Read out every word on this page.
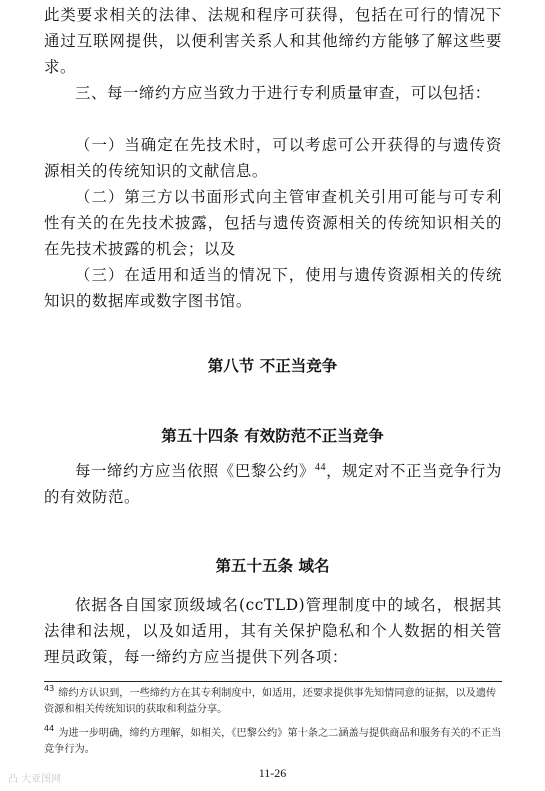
此类要求相关的法律、法规和程序可获得，包括在可行的情况下通过互联网提供，以便利害关系人和其他缔约方能够了解这些要求。

三、每一缔约方应当致力于进行专利质量审查，可以包括：

（一）当确定在先技术时，可以考虑可公开获得的与遗传资源相关的传统知识的文献信息。

（二）第三方以书面形式向主管审查机关引用可能与可专利性有关的在先技术披露，包括与遗传资源相关的传统知识相关的在先技术披露的机会；以及

（三）在适用和适当的情况下，使用与遗传资源相关的传统知识的数据库或数字图书馆。

第八节 不正当竞争
第五十四条 有效防范不正当竞争

每一缔约方应当依照《巴黎公约》$^{44}$，规定对不正当竞争行为的有效防范。

第五十五条 域名

依据各自国家顶级域名(ccTLD)管理制度中的域名，根据其法律和法规，以及如适用，其有关保护隐私和个人数据的相关管理员政策，每一缔约方应当提供下列各项：

$^{43}$ 缔约方认识到，一些缔约方在其专利制度中，如适用，还要求提供事先知情同意的证据，以及遗传资源和相关传统知识的获取和利益分享。

$^{44}$ 为进一步明确，缔约方理解，如相关，《巴黎公约》第十条之二涵盖与提供商品和服务有关的不正当竞争行为。

11-26

凸 大亚图网
